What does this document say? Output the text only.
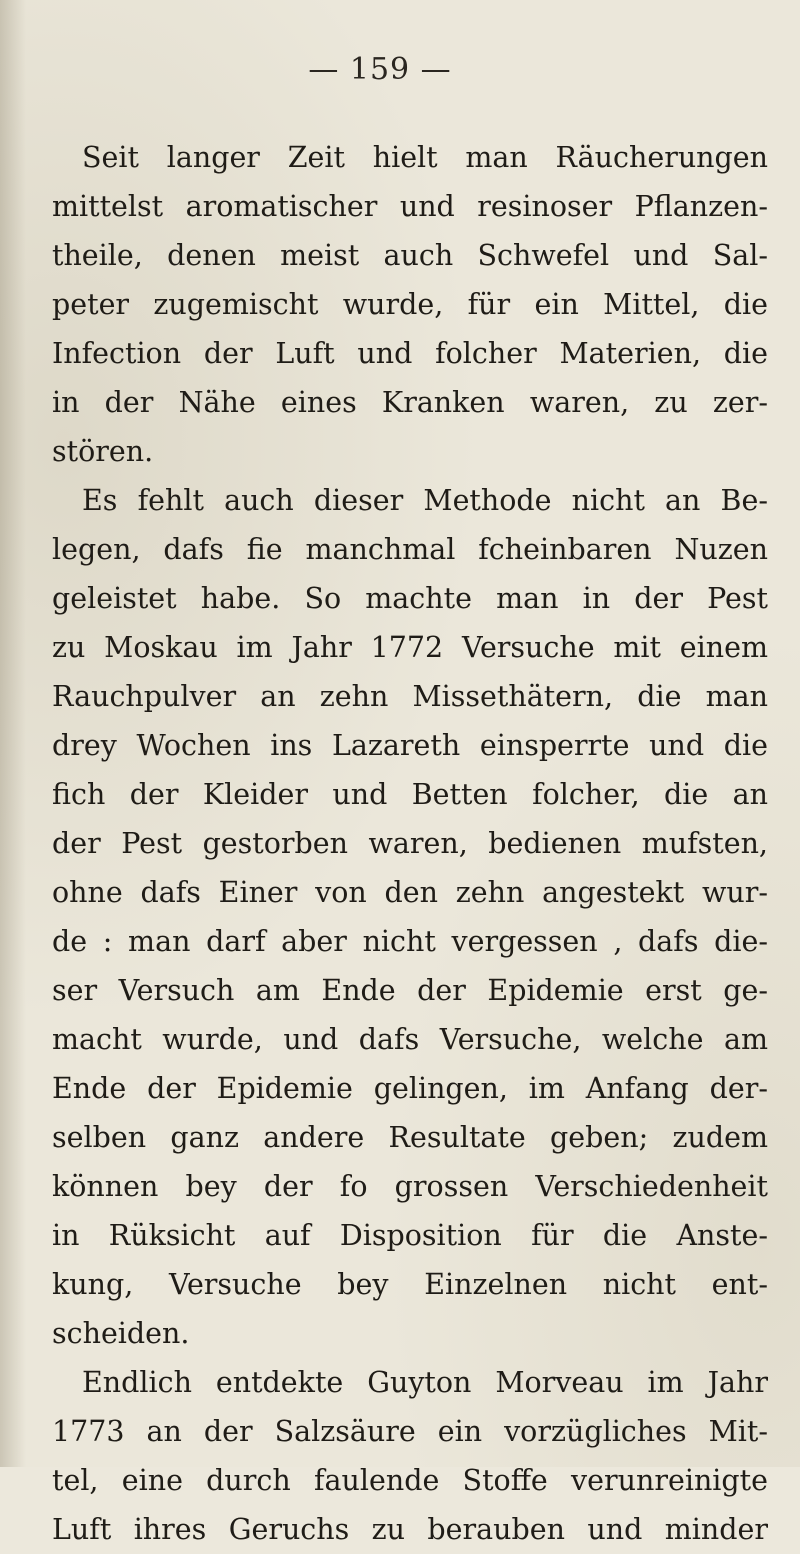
— 159 —
Seit langer Zeit hielt man Räucherungen
mittelst aromatischer und resinoser Pflanzen-
theile, denen meist auch Schwefel und Sal-
peter zugemischt wurde, für ein Mittel, die
Infection der Luft und folcher Materien, die
in der Nähe eines Kranken waren, zu zer-
stören.
Es fehlt auch dieser Methode nicht an Be-
legen, dafs fie manchmal fcheinbaren Nuzen
geleistet habe. So machte man in der Pest
zu Moskau im Jahr 1772 Versuche mit einem
Rauchpulver an zehn Missethätern, die man
drey Wochen ins Lazareth einsperrte und die
fich der Kleider und Betten folcher, die an
der Pest gestorben waren, bedienen mufsten,
ohne dafs Einer von den zehn angestekt wur-
de : man darf aber nicht vergessen , dafs die-
ser Versuch am Ende der Epidemie erst ge-
macht wurde, und dafs Versuche, welche am
Ende der Epidemie gelingen, im Anfang der-
selben ganz andere Resultate geben; zudem
können bey der fo grossen Verschiedenheit
in Rüksicht auf Disposition für die Anste-
kung, Versuche bey Einzelnen nicht ent-
scheiden.
Endlich entdekte Guyton Morveau im Jahr
1773 an der Salzsäure ein vorzügliches Mit-
tel, eine durch faulende Stoffe verunreinigte
Luft ihres Geruchs zu berauben und minder
